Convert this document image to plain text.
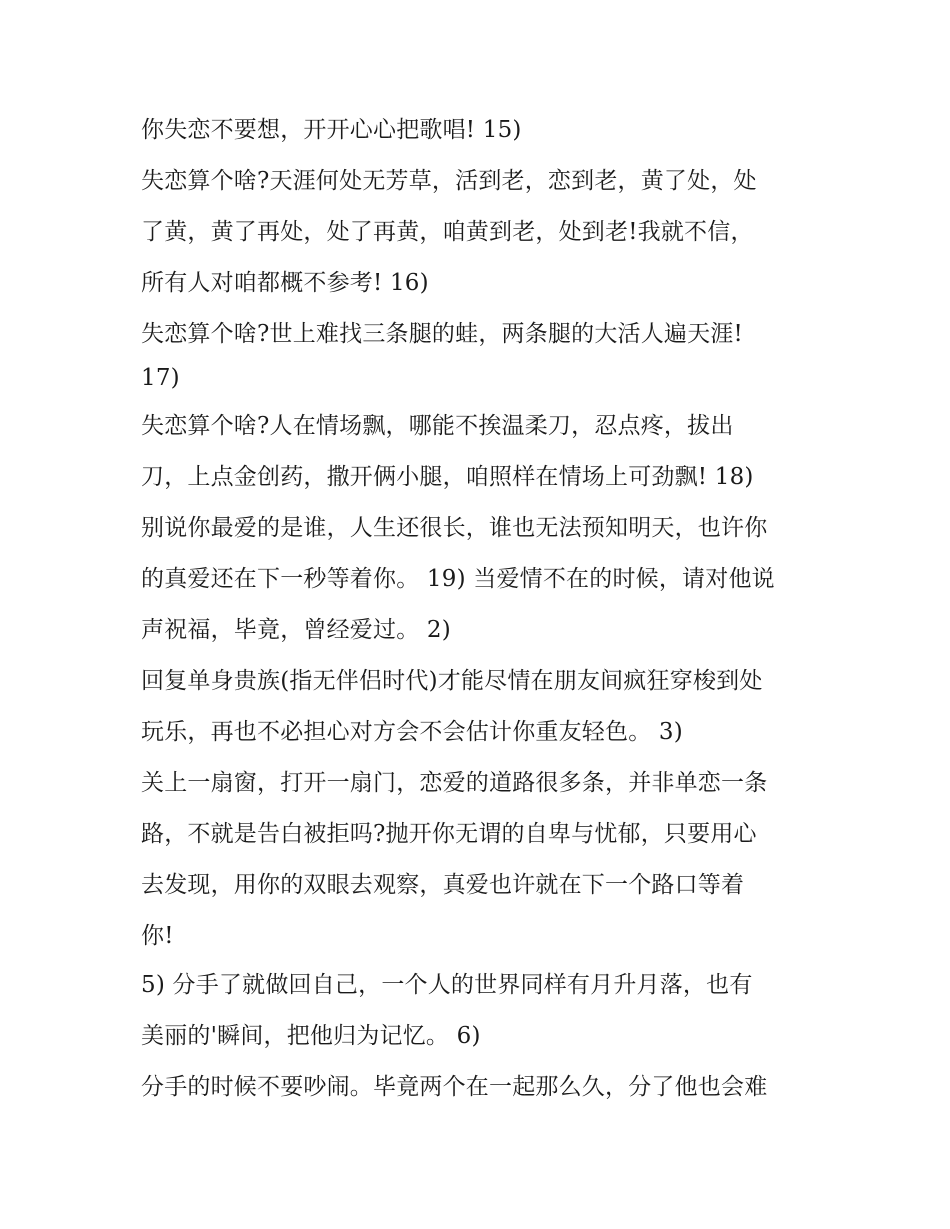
你失恋不要想，开开心心把歌唱! 15)
失恋算个啥?天涯何处无芳草，活到老，恋到老，黄了处，处
了黄，黄了再处，处了再黄，咱黄到老，处到老!我就不信，
所有人对咱都概不参考! 16)
失恋算个啥?世上难找三条腿的蛙，两条腿的大活人遍天涯!
17)
失恋算个啥?人在情场飘，哪能不挨温柔刀，忍点疼，拔出
刀，上点金创药，撒开俩小腿，咱照样在情场上可劲飘! 18)
别说你最爱的是谁，人生还很长，谁也无法预知明天，也许你
的真爱还在下一秒等着你。 19) 当爱情不在的时候，请对他说
声祝福，毕竟，曾经爱过。 2)
回复单身贵族(指无伴侣时代)才能尽情在朋友间疯狂穿梭到处
玩乐，再也不必担心对方会不会估计你重友轻色。 3)
关上一扇窗，打开一扇门，恋爱的道路很多条，并非单恋一条
路，不就是告白被拒吗?抛开你无谓的自卑与忧郁，只要用心
去发现，用你的双眼去观察，真爱也许就在下一个路口等着
你!
5) 分手了就做回自己，一个人的世界同样有月升月落，也有
美丽的'瞬间，把他归为记忆。 6)
分手的时候不要吵闹。毕竟两个在一起那么久，分了他也会难
